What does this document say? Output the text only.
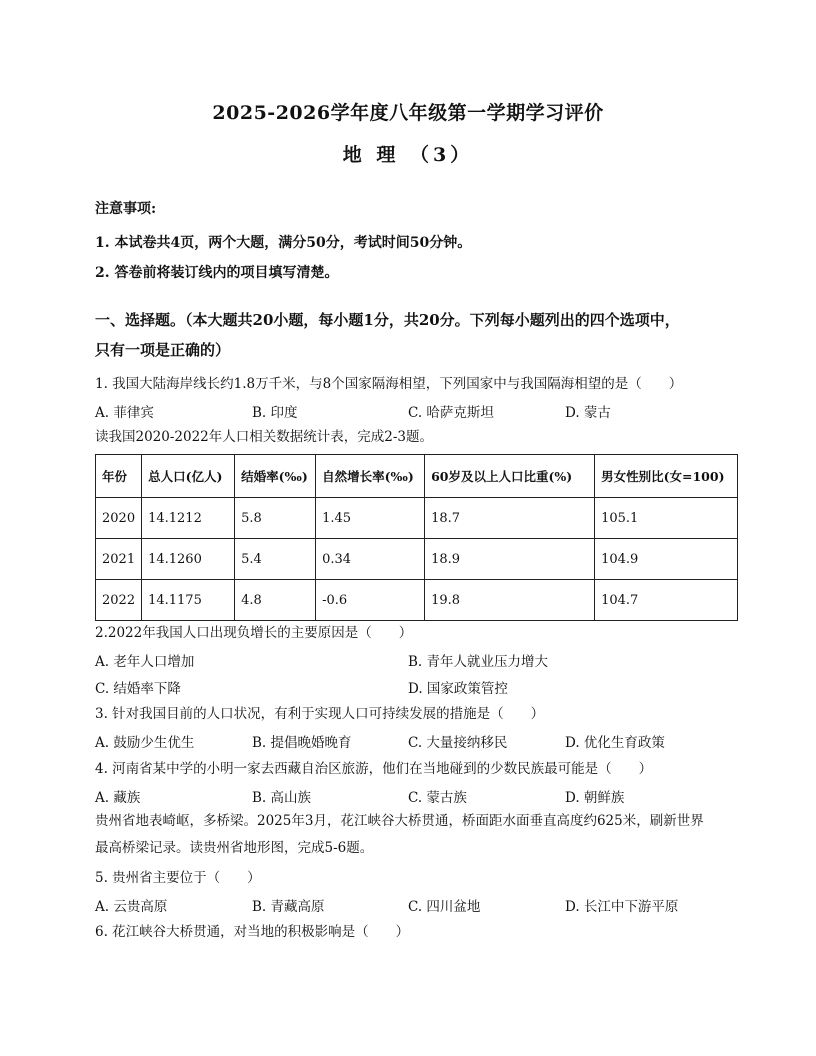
2025-2026学年度八年级第一学期学习评价
地 理 （3）
注意事项:
1. 本试卷共4页，两个大题，满分50分，考试时间50分钟。
2. 答卷前将装订线内的项目填写清楚。
一、选择题。（本大题共20小题，每小题1分，共20分。下列每小题列出的四个选项中，
只有一项是正确的）
1. 我国大陆海岸线长约1.8万千米，与8个国家隔海相望，下列国家中与我国隔海相望的是（　　）
A. 菲律宾	B. 印度	C. 哈萨克斯坦	D. 蒙古
读我国2020-2022年人口相关数据统计表，完成2-3题。
年份	总人口(亿人)	结婚率(‰)	自然增长率(‰)	60岁及以上人口比重(%)	男女性别比(女=100)
2020	14.1212	5.8	1.45	18.7	105.1
2021	14.1260	5.4	0.34	18.9	104.9
2022	14.1175	4.8	-0.6	19.8	104.7
2.2022年我国人口出现负增长的主要原因是（　　）
A. 老年人口增加	B. 青年人就业压力增大
C. 结婚率下降	D. 国家政策管控
3. 针对我国目前的人口状况，有利于实现人口可持续发展的措施是（　　）
A. 鼓励少生优生	B. 提倡晚婚晚育	C. 大量接纳移民	D. 优化生育政策
4. 河南省某中学的小明一家去西藏自治区旅游，他们在当地碰到的少数民族最可能是（　　）
A. 藏族	B. 高山族	C. 蒙古族	D. 朝鲜族
贵州省地表崎岖，多桥梁。2025年3月，花江峡谷大桥贯通，桥面距水面垂直高度约625米，刷新世界
最高桥梁记录。读贵州省地形图，完成5-6题。
5. 贵州省主要位于（　　）
A. 云贵高原	B. 青藏高原	C. 四川盆地	D. 长江中下游平原
6. 花江峡谷大桥贯通，对当地的积极影响是（　　）
